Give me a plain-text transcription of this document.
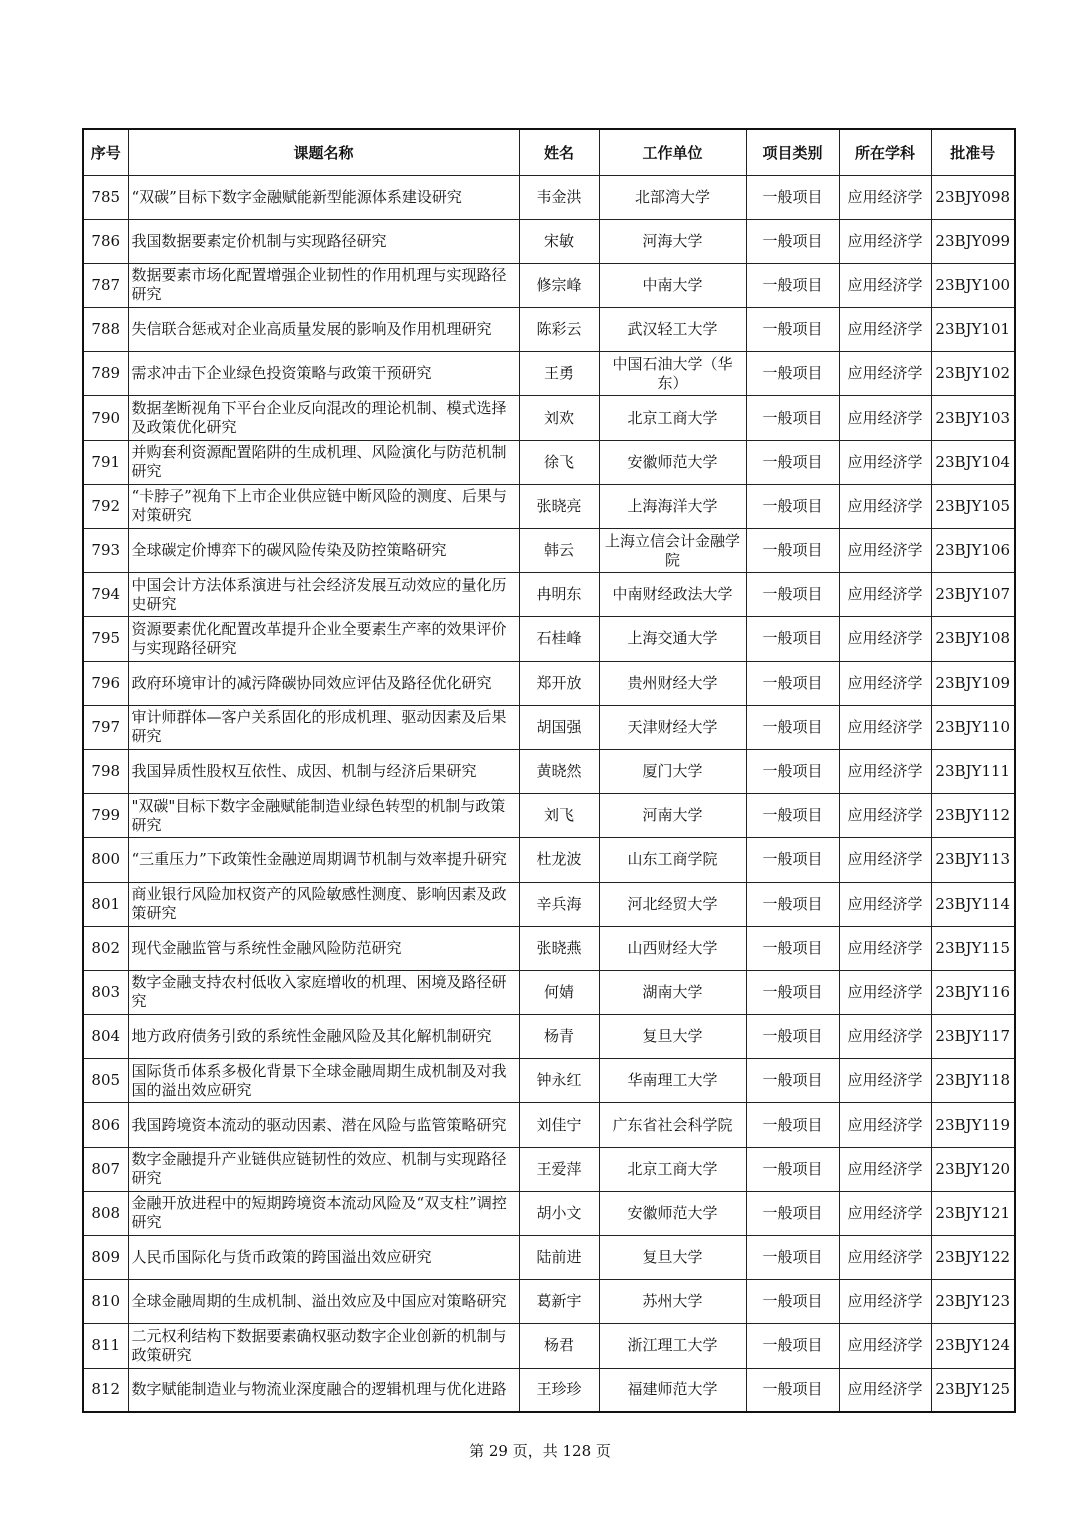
序号	课题名称	姓名	工作单位	项目类别	所在学科	批准号
785	“双碳”目标下数字金融赋能新型能源体系建设研究	韦金洪	北部湾大学	一般项目	应用经济学	23BJY098
786	我国数据要素定价机制与实现路径研究	宋敏	河海大学	一般项目	应用经济学	23BJY099
787	数据要素市场化配置增强企业韧性的作用机理与实现路径研究	修宗峰	中南大学	一般项目	应用经济学	23BJY100
788	失信联合惩戒对企业高质量发展的影响及作用机理研究	陈彩云	武汉轻工大学	一般项目	应用经济学	23BJY101
789	需求冲击下企业绿色投资策略与政策干预研究	王勇	中国石油大学（华东）	一般项目	应用经济学	23BJY102
790	数据垄断视角下平台企业反向混改的理论机制、模式选择及政策优化研究	刘欢	北京工商大学	一般项目	应用经济学	23BJY103
791	并购套利资源配置陷阱的生成机理、风险演化与防范机制研究	徐飞	安徽师范大学	一般项目	应用经济学	23BJY104
792	“卡脖子”视角下上市企业供应链中断风险的测度、后果与对策研究	张晓亮	上海海洋大学	一般项目	应用经济学	23BJY105
793	全球碳定价博弈下的碳风险传染及防控策略研究	韩云	上海立信会计金融学院	一般项目	应用经济学	23BJY106
794	中国会计方法体系演进与社会经济发展互动效应的量化历史研究	冉明东	中南财经政法大学	一般项目	应用经济学	23BJY107
795	资源要素优化配置改革提升企业全要素生产率的效果评价与实现路径研究	石桂峰	上海交通大学	一般项目	应用经济学	23BJY108
796	政府环境审计的减污降碳协同效应评估及路径优化研究	郑开放	贵州财经大学	一般项目	应用经济学	23BJY109
797	审计师群体—客户关系固化的形成机理、驱动因素及后果研究	胡国强	天津财经大学	一般项目	应用经济学	23BJY110
798	我国异质性股权互依性、成因、机制与经济后果研究	黄晓然	厦门大学	一般项目	应用经济学	23BJY111
799	"双碳"目标下数字金融赋能制造业绿色转型的机制与政策研究	刘飞	河南大学	一般项目	应用经济学	23BJY112
800	“三重压力”下政策性金融逆周期调节机制与效率提升研究	杜龙波	山东工商学院	一般项目	应用经济学	23BJY113
801	商业银行风险加权资产的风险敏感性测度、影响因素及政策研究	辛兵海	河北经贸大学	一般项目	应用经济学	23BJY114
802	现代金融监管与系统性金融风险防范研究	张晓燕	山西财经大学	一般项目	应用经济学	23BJY115
803	数字金融支持农村低收入家庭增收的机理、困境及路径研究	何婧	湖南大学	一般项目	应用经济学	23BJY116
804	地方政府债务引致的系统性金融风险及其化解机制研究	杨青	复旦大学	一般项目	应用经济学	23BJY117
805	国际货币体系多极化背景下全球金融周期生成机制及对我国的溢出效应研究	钟永红	华南理工大学	一般项目	应用经济学	23BJY118
806	我国跨境资本流动的驱动因素、潜在风险与监管策略研究	刘佳宁	广东省社会科学院	一般项目	应用经济学	23BJY119
807	数字金融提升产业链供应链韧性的效应、机制与实现路径研究	王爱萍	北京工商大学	一般项目	应用经济学	23BJY120
808	金融开放进程中的短期跨境资本流动风险及“双支柱”调控研究	胡小文	安徽师范大学	一般项目	应用经济学	23BJY121
809	人民币国际化与货币政策的跨国溢出效应研究	陆前进	复旦大学	一般项目	应用经济学	23BJY122
810	全球金融周期的生成机制、溢出效应及中国应对策略研究	葛新宇	苏州大学	一般项目	应用经济学	23BJY123
811	二元权利结构下数据要素确权驱动数字企业创新的机制与政策研究	杨君	浙江理工大学	一般项目	应用经济学	23BJY124
812	数字赋能制造业与物流业深度融合的逻辑机理与优化进路	王珍珍	福建师范大学	一般项目	应用经济学	23BJY125
第 29 页，共 128 页
